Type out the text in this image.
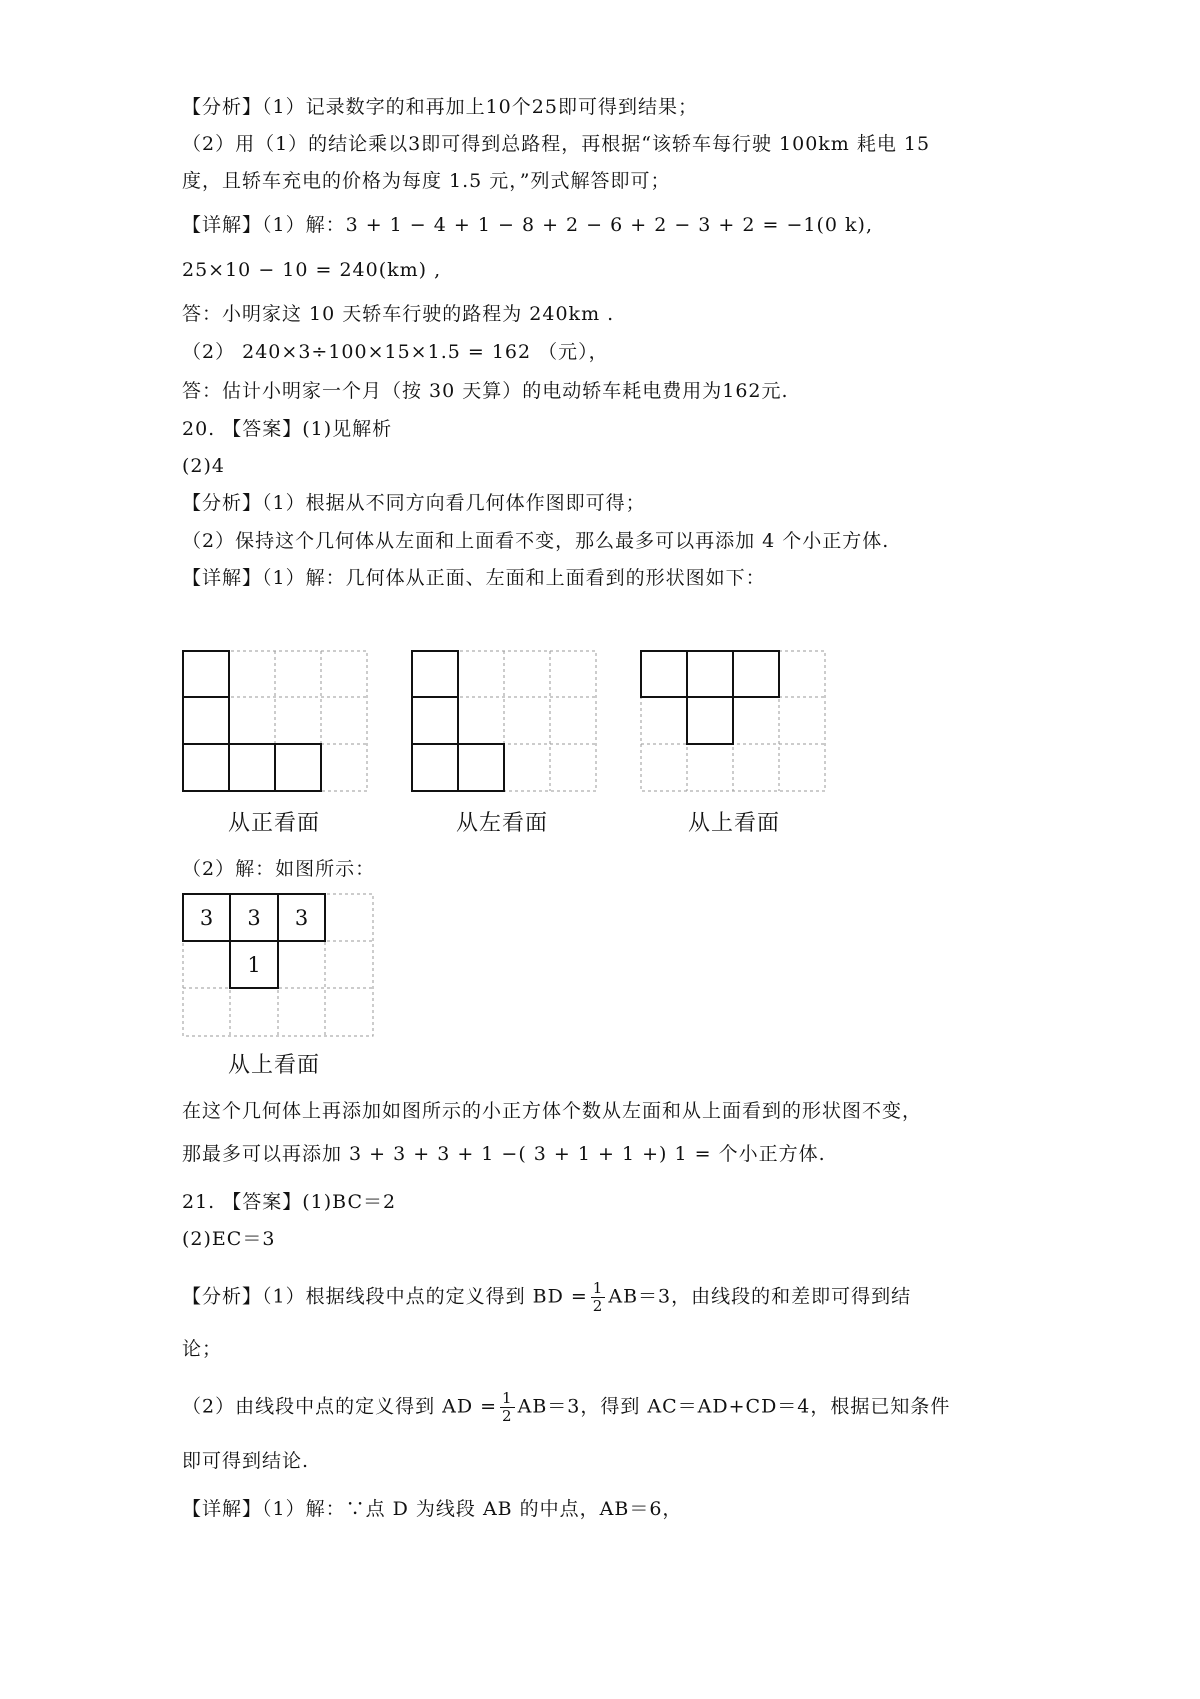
【分析】（1）记录数字的和再加上10个25即可得到结果；
（2）用（1）的结论乘以3即可得到总路程，再根据“该轿车每行驶 100km 耗电 15
度，且轿车充电的价格为每度 1.5 元，”列式解答即可；
【详解】（1）解：3 + 1 − 4 + 1 − 8 + 2 − 6 + 2 − 3 + 2 = −1(0 k),
25×10 − 10 = 240(km) ,
答：小明家这 10 天轿车行驶的路程为 240km .
（2） 240×3÷100×15×1.5 = 162 （元），
答：估计小明家一个月（按 30 天算）的电动轿车耗电费用为162元.
20. 【答案】(1)见解析
(2)4
【分析】（1）根据从不同方向看几何体作图即可得；
（2）保持这个几何体从左面和上面看不变，那么最多可以再添加 4 个小正方体.
【详解】（1）解：几何体从正面、左面和上面看到的形状图如下：
从正看面	从左看面	从上看面
（2）解：如图所示：
3 3 3
1
从上看面
在这个几何体上再添加如图所示的小正方体个数从左面和从上面看到的形状图不变，
那最多可以再添加 3 + 3 + 3 + 1 −( 3 + 1 + 1 +) 1 = 个小正方体.
21. 【答案】(1)BC＝2
(2)EC＝3
【分析】（1）根据线段中点的定义得到 BD = $\frac{1}{2} AB=3$，由线段的和差即可得到结
论；
（2）由线段中点的定义得到 AD = $\frac{1}{2} AB=3$，得到 AC＝AD+CD＝4，根据已知条件
即可得到结论.
【详解】（1）解：∵点 D 为线段 AB 的中点，AB＝6，
